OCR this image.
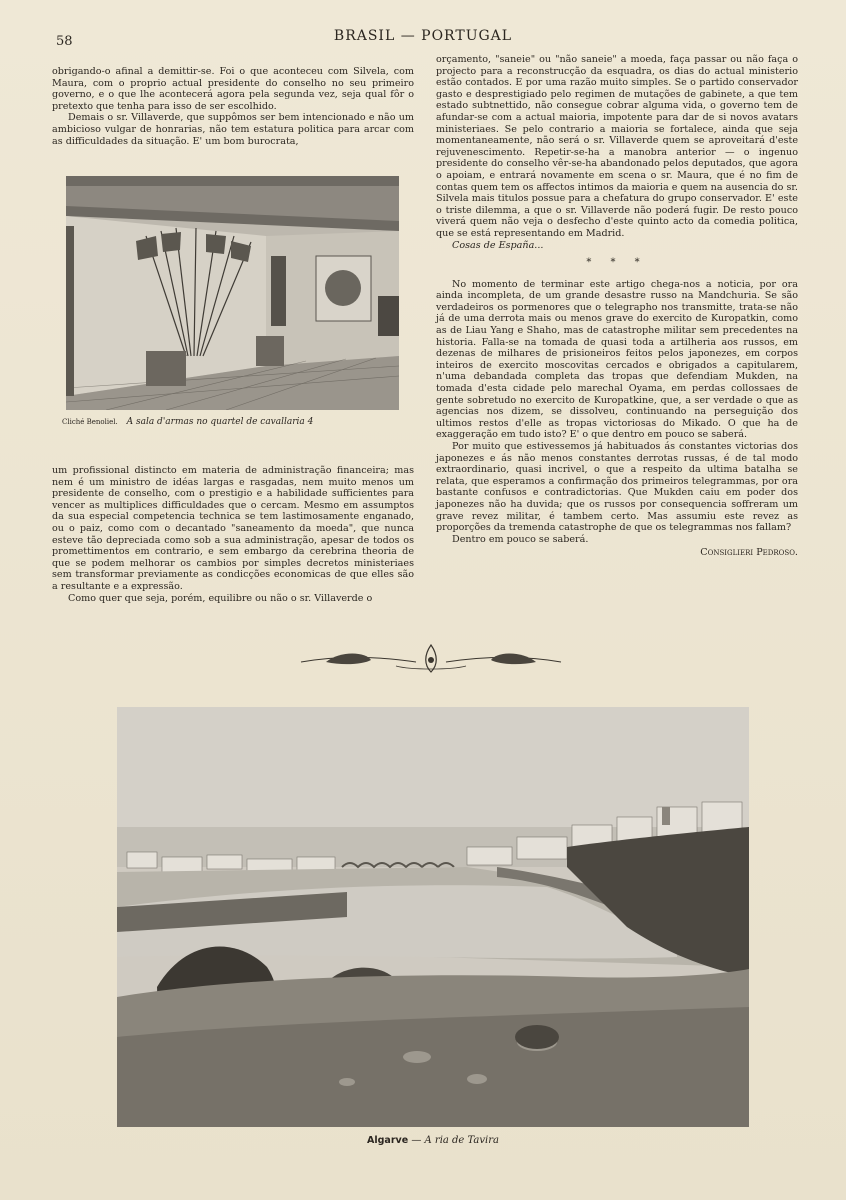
58	BRASIL — PORTUGAL

obrigando-o afinal a demittir-se. Foi o que aconteceu com Silvela, com Maura, com o proprio actual presidente do conselho no seu primeiro governo, e o que lhe acontecerá agora pela segunda vez, seja qual fôr o pretexto que tenha para isso de ser escolhido.

Demais o sr. Villaverde, que suppômos ser bem intencionado e não um ambicioso vulgar de honrarias, não tem estatura politica para arcar com as difficuldades da situação. E' um bom burocrata,

Cliché Benoliel. A sala d'armas no quartel de cavallaria 4

um profissional distincto em materia de administração financeira; mas nem é um ministro de idéas largas e rasgadas, nem muito menos um presidente de conselho, com o prestigio e a habilidade sufficientes para vencer as multiplices difficuldades que o cercam. Mesmo em assumptos da sua especial competencia technica se tem lastimosamente enganado, ou o paiz, como com o decantado "saneamento da moeda", que nunca esteve tão depreciada como sob a sua administração, apesar de todos os promettimentos em contrario, e sem embargo da cerebrina theoria de que se podem melhorar os cambios por simples decretos ministeriaes sem transformar previamente as condicções economicas de que elles são a resultante e a expressão.

Como quer que seja, porém, equilibre ou não o sr. Villaverde o

orçamento, "saneie" ou "não saneie" a moeda, faça passar ou não faça o projecto para a reconstrucção da esquadra, os dias do actual ministerio estão contados. E por uma razão muito simples. Se o partido conservador gasto e desprestigiado pelo regimen de mutações de gabinete, a que tem estado subtnettido, não consegue cobrar alguma vida, o governo tem de afundar-se com a actual maioria, impotente para dar de si novos avatars ministeriaes. Se pelo contrario a maioria se fortalece, ainda que seja momentaneamente, não será o sr. Villaverde quem se aproveitará d'este rejuvenescimento. Repetir-se-ha a manobra anterior — o ingenuo presidente do conselho vêr-se-ha abandonado pelos deputados, que agora o apoiam, e entrará novamente em scena o sr. Maura, que é no fim de contas quem tem os affectos intimos da maioria e quem na ausencia do sr. Silvela mais titulos possue para a chefatura do grupo conservador. E' este o triste dilemma, a que o sr. Villaverde não poderá fugir. De resto pouco viverá quem não veja o desfecho d'este quinto acto da comedia politica, que se está representando em Madrid.

Cosas de España...
* * *

No momento de terminar este artigo chega-nos a noticia, por ora ainda incompleta, de um grande desastre russo na Mandchuria. Se são verdadeiros os pormenores que o telegrapho nos transmitte, trata-se não já de uma derrota mais ou menos grave do exercito de Kuropatkin, como as de Liau Yang e Shaho, mas de catastrophe militar sem precedentes na historia. Falla-se na tomada de quasi toda a artilheria aos russos, em dezenas de milhares de prisioneiros feitos pelos japonezes, em corpos inteiros de exercito moscovitas cercados e obrigados a capitularem, n'uma debandada completa das tropas que defendiam Mukden, na tomada d'esta cidade pelo marechal Oyama, em perdas collossaes de gente sobretudo no exercito de Kuropatkine, que, a ser verdade o que as agencias nos dizem, se dissolveu, continuando na perseguição dos ultimos restos d'elle as tropas victoriosas do Mikado. O que ha de exaggeração em tudo isto? E' o que dentro em pouco se saberá.

Por muito que estivessemos já habituados ás constantes victorias dos japonezes e ás não menos constantes derrotas russas, é de tal modo extraordinario, quasi incrivel, o que a respeito da ultima batalha se relata, que esperamos a confirmação dos primeiros telegrammas, por ora bastante confusos e contradictorias. Que Mukden caiu em poder dos japonezes não ha duvida; que os russos por consequencia soffreram um grave revez militar, é tambem certo. Mas assumiu este revez as proporções da tremenda catastrophe de que os telegrammas nos fallam?

Dentro em pouco se saberá.

Consiglieri Pedroso.
Algarve — A ria de Tavira
